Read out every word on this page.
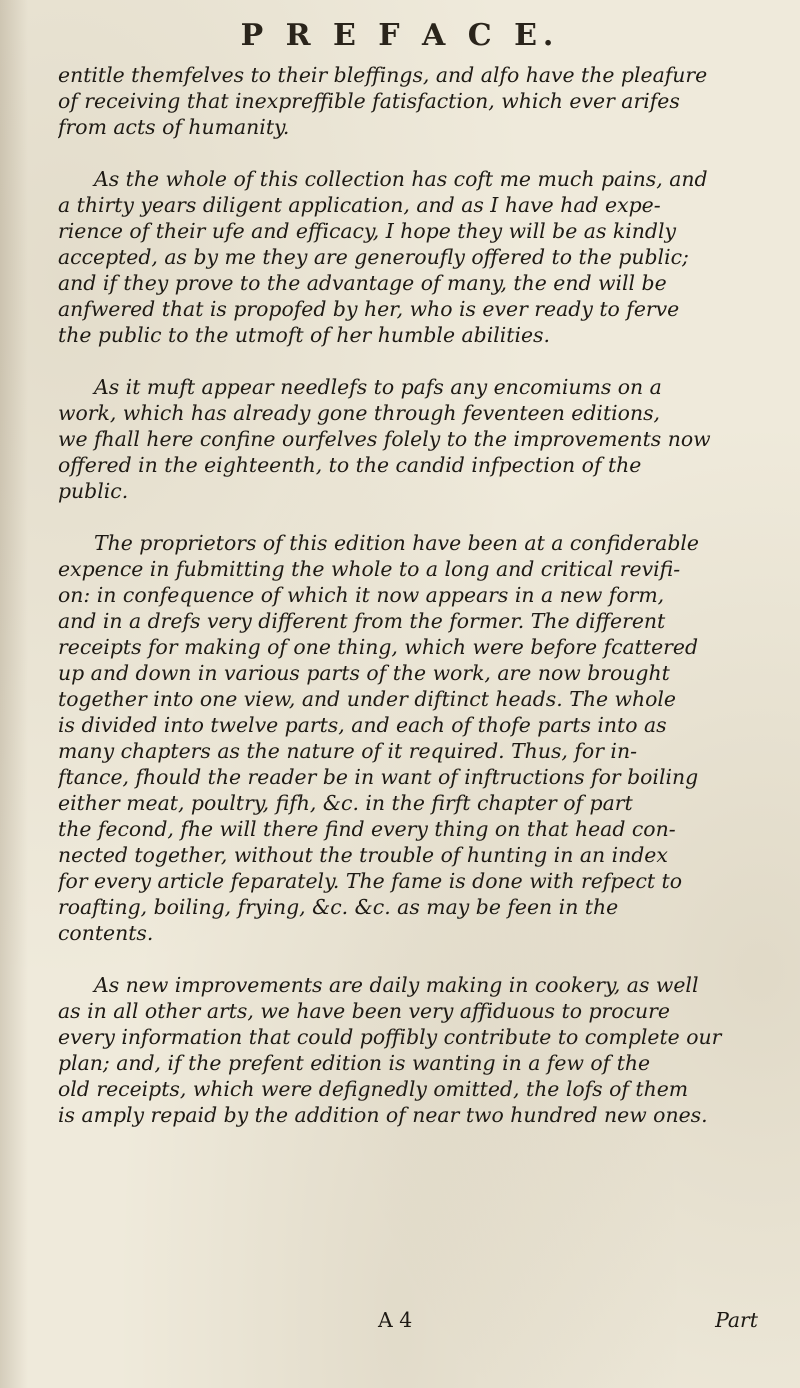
P R E F A C E.
entitle themfelves to their bleffings, and alfo have the pleafure
of receiving that inexpreffible fatisfaction, which ever arifes
from acts of humanity.
As the whole of this collection has coft me much pains, and
a thirty years diligent application, and as I have had expe-
rience of their ufe and efficacy, I hope they will be as kindly
accepted, as by me they are generoufly offered to the public;
and if they prove to the advantage of many, the end will be
anfwered that is propofed by her, who is ever ready to ferve
the public to the utmoft of her humble abilities.
As it muft appear needlefs to pafs any encomiums on a
work, which has already gone through feventeen editions,
we fhall here confine ourfelves folely to the improvements now
offered in the eighteenth, to the candid infpection of the
public.
The proprietors of this edition have been at a confiderable
expence in fubmitting the whole to a long and critical revifi-
on: in confequence of which it now appears in a new form,
and in a drefs very different from the former. The different
receipts for making of one thing, which were before fcattered
up and down in various parts of the work, are now brought
together into one view, and under diftinct heads. The whole
is divided into twelve parts, and each of thofe parts into as
many chapters as the nature of it required. Thus, for in-
ftance, fhould the reader be in want of inftructions for boiling
either meat, poultry, fifh, &c. in the firft chapter of part
the fecond, fhe will there find every thing on that head con-
nected together, without the trouble of hunting in an index
for every article feparately. The fame is done with refpect to
roafting, boiling, frying, &c. &c. as may be feen in the
contents.
As new improvements are daily making in cookery, as well
as in all other arts, we have been very affiduous to procure
every information that could poffibly contribute to complete our
plan; and, if the prefent edition is wanting in a few of the
old receipts, which were defignedly omitted, the lofs of them
is amply repaid by the addition of near two hundred new ones.
A 4	Part
